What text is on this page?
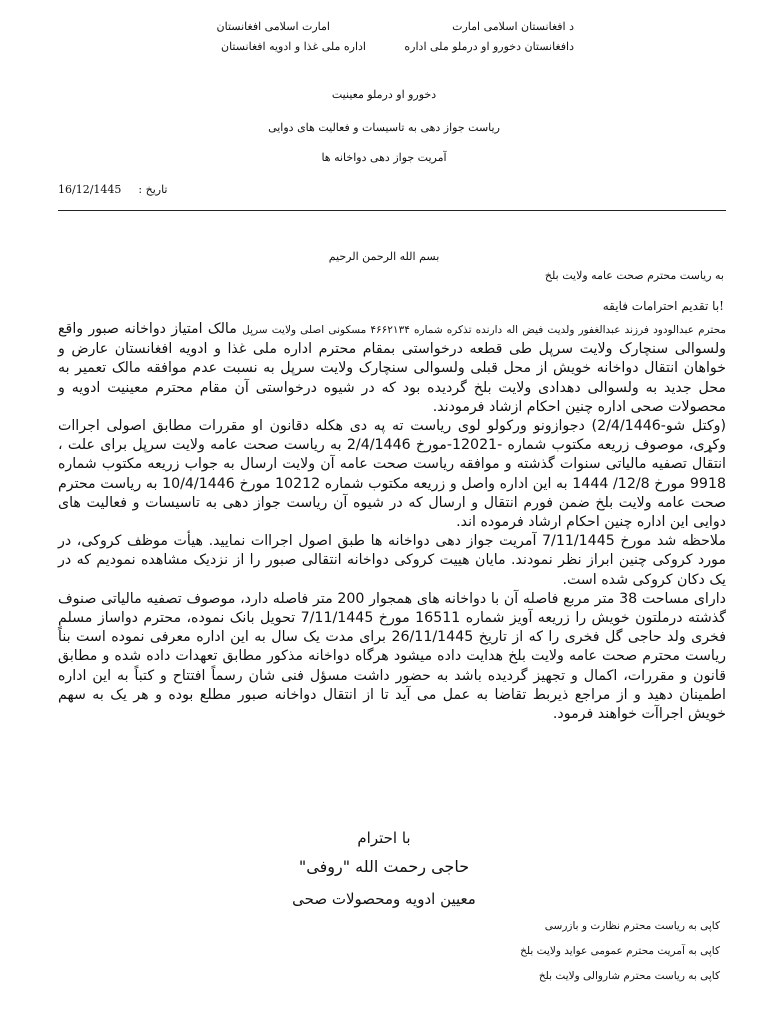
د افغانستان اسلامی امارت
دافغانستان دخورو او درملو ملی اداره
امارت اسلامی افغانستان
اداره ملی غذا و ادویه افغانستان
دخورو او درملو معینیت
ریاست جواز دهی به تاسیسات و فعالیت های دوایی
آمریت جواز دهی دواخانه ها
16/12/1445 تاریخ :
بسم الله الرحمن الرحیم
به ریاست محترم صحت عامه ولایت بلخ
!با تقدیم احترامات فایقه

محترم عبدالودود فرزند عبدالغفور ولدیت فیض اله دارنده تذکره شماره ۴۶۶۲۱۳۴ مسکونی اصلی ولایت سرپل مالک امتیاز دواخانه صبور واقع ولسوالی سنچارک ولایت سرپل طی قطعه درخواستی بمقام محترم اداره ملی غذا و ادویه افغانستان عارض و خواهان انتقال دواخانه خویش از محل قبلی ولسوالی سنچارک ولایت سرپل به نسبت عدم موافقه مالک تعمیر به محل جدید به ولسوالی دهدادی ولایت بلخ گردیده بود که در شیوه درخواستی آن مقام محترم معینیت ادویه و محصولات صحی اداره چنین احکام ازشاد فرمودند.

(وکتل شو-2/4/1446) دجوازونو ورکولو لوی ریاست ته په دی هکله دقانون او مقررات مطابق اصولی اجراات وکړی، موصوف زریعه مکتوب شماره -12021-مورخ 2/4/1446 به ریاست صحت عامه ولایت سرپل برای علت ، انتقال تصفیه مالیاتی سنوات گذشته و موافقه ریاست صحت عامه آن ولایت ارسال به جواب زریعه مکتوب شماره 9918 مورخ 12/8/ 1444 به این اداره واصل و زریعه مکتوب شماره 10212 مورخ 10/4/1446 به ریاست محترم صحت عامه ولایت بلخ ضمن فورم انتقال و ارسال که در شیوه آن ریاست جواز دهی به تاسیسات و فعالیت های دوایی این اداره چنین احکام ارشاد فرموده اند.

ملاحظه شد مورخ 7/11/1445 آمریت جواز دهی دواخانه ها طبق اصول اجراات نمایید. هیأت موظف کروکی، در مورد کروکی چنین ابراز نظر نمودند. مایان هییت کروکی دواخانه انتقالی صبور را از نزدیک مشاهده نمودیم که در یک دکان کروکی شده است.

دارای مساحت 38 متر مربع فاصله آن با دواخانه های همجوار 200 متر فاصله دارد، موصوف تصفیه مالیاتی صنوف گذشته درملتون خویش را زریعه آویز شماره 16511 مورخ 7/11/1445 تحویل بانک نموده، محترم دواساز مسلم فخری ولد حاجی گل فخری را که از تاریخ 26/11/1445 برای مدت یک سال به این اداره معرفی نموده است بناً ریاست محترم صحت عامه ولایت بلخ هدایت داده میشود هرگاه دواخانه مذکور مطابق تعهدات داده شده و مطابق قانون و مقررات، اکمال و تجهیز گردیده باشد به حضور داشت مسؤل فنی شان رسماً افتتاح و کتباً به این اداره اطمینان دهید و از مراجع ذیربط تقاضا به عمل می آید تا از انتقال دواخانه صبور مطلع بوده و هر یک به سهم خویش اجراآت خواهند فرمود.

با احترام
حاجی رحمت الله "روفی"
معیین ادویه ومحصولات صحی
کاپی به ریاست محترم نظارت و بازرسی
کاپی به آمریت محترم عمومی عواید ولایت بلخ
کاپی به ریاست محترم شاروالی ولایت بلخ
